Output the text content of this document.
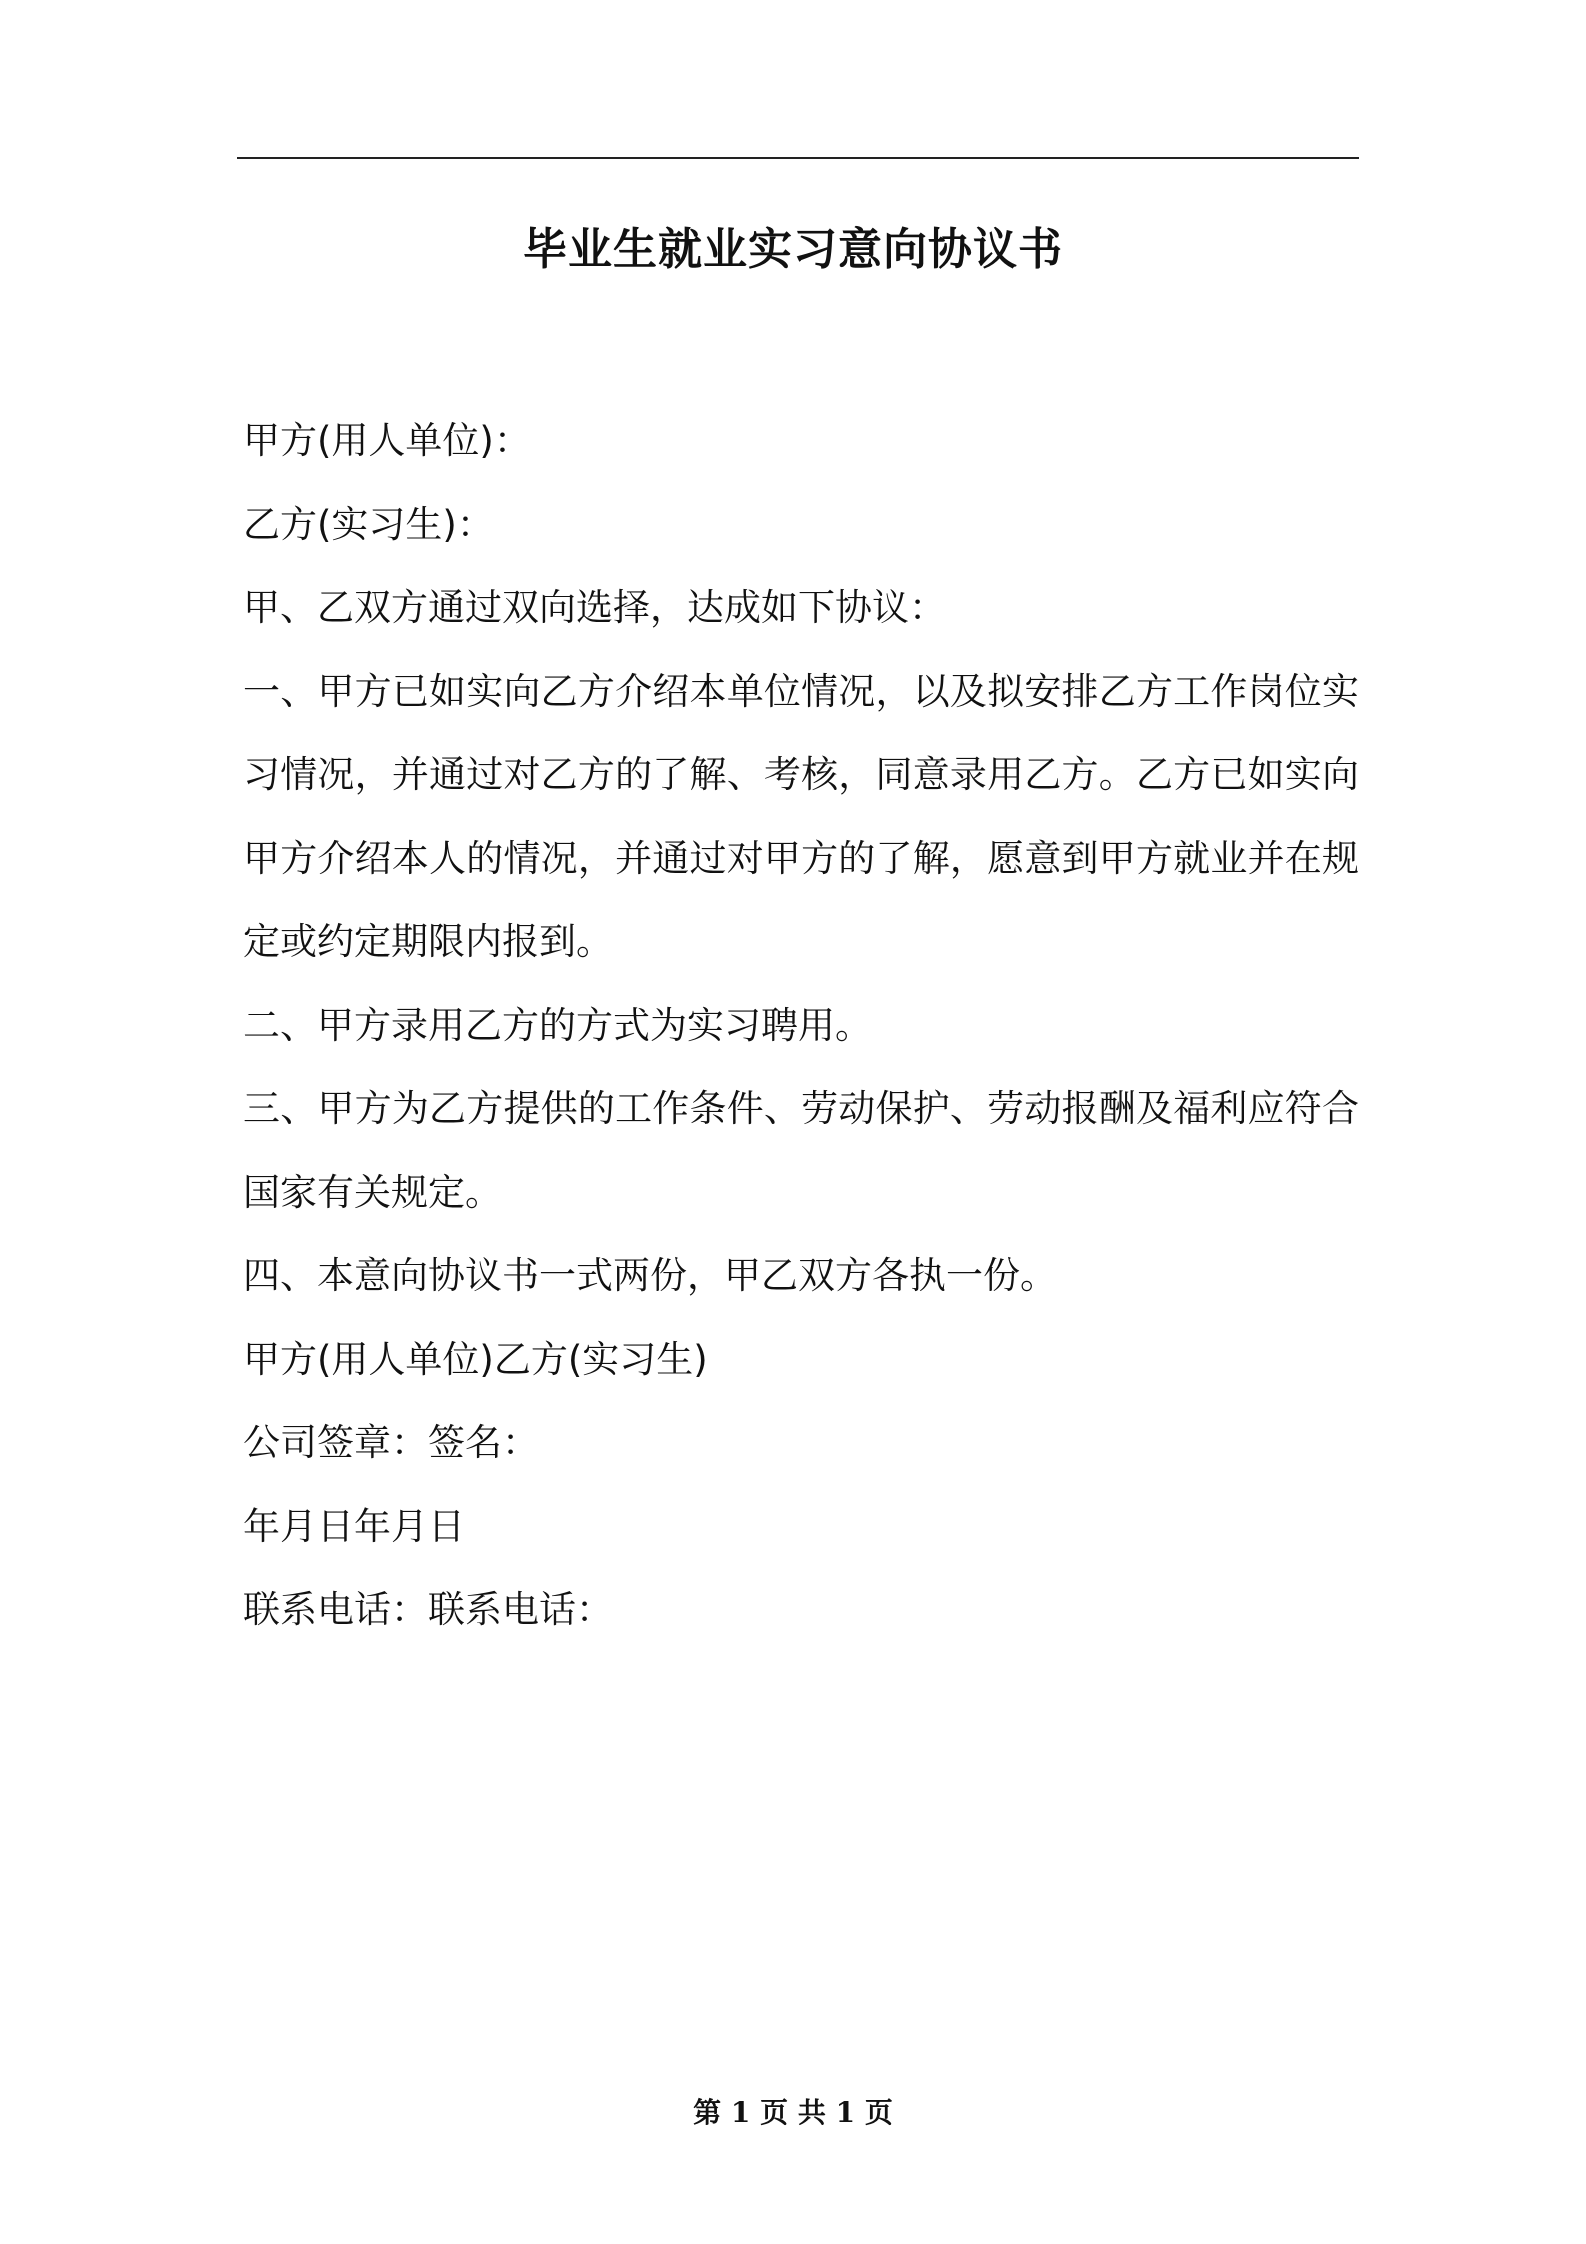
毕业生就业实习意向协议书

甲方(用人单位)：

乙方(实习生)：

甲、乙双方通过双向选择，达成如下协议：

一、甲方已如实向乙方介绍本单位情况，以及拟安排乙方工作岗位实习情况，并通过对乙方的了解、考核，同意录用乙方。乙方已如实向甲方介绍本人的情况，并通过对甲方的了解，愿意到甲方就业并在规定或约定期限内报到。

二、甲方录用乙方的方式为实习聘用。

三、甲方为乙方提供的工作条件、劳动保护、劳动报酬及福利应符合国家有关规定。

四、本意向协议书一式两份，甲乙双方各执一份。

甲方(用人单位)乙方(实习生)

公司签章：签名：

年月日年月日

联系电话：联系电话：

第 1 页 共 1 页
